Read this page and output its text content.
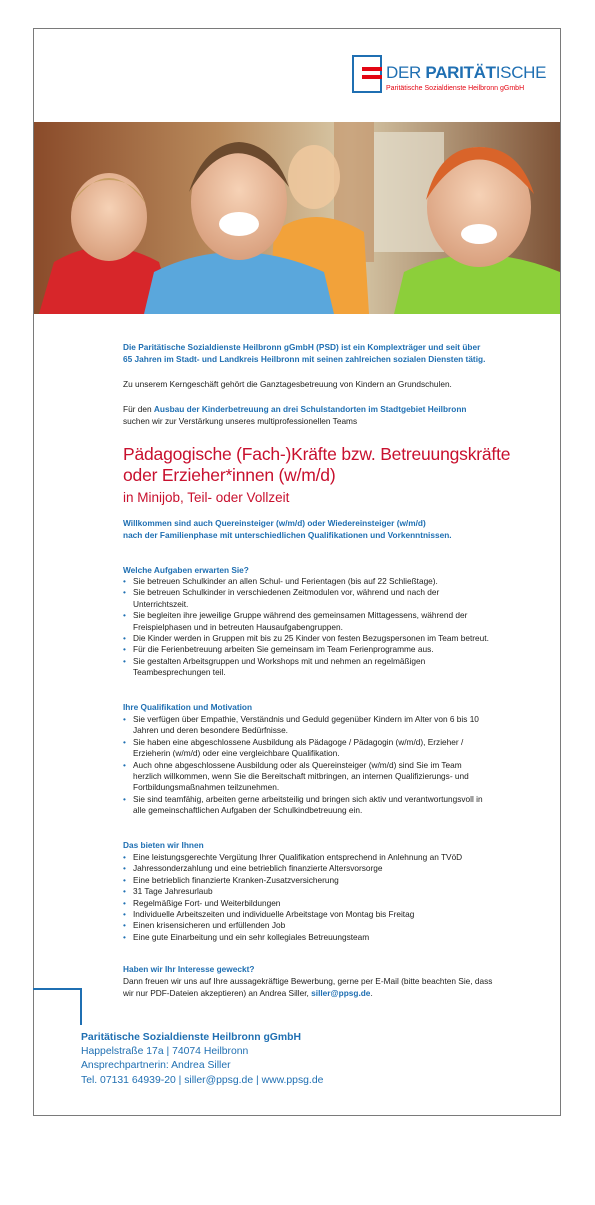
DER PARITÄTISCHE
Paritätische Sozialdienste Heilbronn gGmbH
Die Paritätische Sozialdienste Heilbronn gGmbH (PSD) ist ein Komplexträger und seit über
65 Jahren im Stadt- und Landkreis Heilbronn mit seinen zahlreichen sozialen Diensten tätig.
Zu unserem Kerngeschäft gehört die Ganztagesbetreuung von Kindern an Grundschulen.
Für den Ausbau der Kinderbetreuung an drei Schulstandorten im Stadtgebiet Heilbronn
suchen wir zur Verstärkung unseres multiprofessionellen Teams
Pädagogische (Fach-)Kräfte bzw. Betreuungskräfte
oder Erzieher*innen (w/m/d)
in Minijob, Teil- oder Vollzeit
Willkommen sind auch Quereinsteiger (w/m/d) oder Wiedereinsteiger (w/m/d)
nach der Familienphase mit unterschiedlichen Qualifikationen und Vorkenntnissen.
Welche Aufgaben erwarten Sie?
• Sie betreuen Schulkinder an allen Schul- und Ferientagen (bis auf 22 Schließtage).
• Sie betreuen Schulkinder in verschiedenen Zeitmodulen vor, während und nach der
Unterrichtszeit.
• Sie begleiten ihre jeweilige Gruppe während des gemeinsamen Mittagessens, während der
Freispielphasen und in betreuten Hausaufgabengruppen.
• Die Kinder werden in Gruppen mit bis zu 25 Kinder von festen Bezugspersonen im Team betreut.
• Für die Ferienbetreuung arbeiten Sie gemeinsam im Team Ferienprogramme aus.
• Sie gestalten Arbeitsgruppen und Workshops mit und nehmen an regelmäßigen
Teambesprechungen teil.
Ihre Qualifikation und Motivation
• Sie verfügen über Empathie, Verständnis und Geduld gegenüber Kindern im Alter von 6 bis 10
Jahren und deren besondere Bedürfnisse.
• Sie haben eine abgeschlossene Ausbildung als Pädagoge / Pädagogin (w/m/d), Erzieher /
Erzieherin (w/m/d) oder eine vergleichbare Qualifikation.
• Auch ohne abgeschlossene Ausbildung oder als Quereinsteiger (w/m/d) sind Sie im Team
herzlich willkommen, wenn Sie die Bereitschaft mitbringen, an internen Qualifizierungs- und
Fortbildungsmaßnahmen teilzunehmen.
• Sie sind teamfähig, arbeiten gerne arbeitsteilig und bringen sich aktiv und verantwortungsvoll in
alle gemeinschaftlichen Aufgaben der Schulkindbetreuung ein.
Das bieten wir Ihnen
• Eine leistungsgerechte Vergütung Ihrer Qualifikation entsprechend in Anlehnung an TVöD
• Jahressonderzahlung und eine betrieblich finanzierte Altersvorsorge
• Eine betrieblich finanzierte Kranken-Zusatzversicherung
• 31 Tage Jahresurlaub
• Regelmäßige Fort- und Weiterbildungen
• Individuelle Arbeitszeiten und individuelle Arbeitstage von Montag bis Freitag
• Einen krisensicheren und erfüllenden Job
• Eine gute Einarbeitung und ein sehr kollegiales Betreuungsteam
Haben wir Ihr Interesse geweckt?
Dann freuen wir uns auf Ihre aussagekräftige Bewerbung, gerne per E-Mail (bitte beachten Sie, dass
wir nur PDF-Dateien akzeptieren) an Andrea Siller, siller@ppsg.de.
Paritätische Sozialdienste Heilbronn gGmbH
Happelstraße 17a | 74074 Heilbronn
Ansprechpartnerin: Andrea Siller
Tel. 07131 64939-20 | siller@ppsg.de | www.ppsg.de
